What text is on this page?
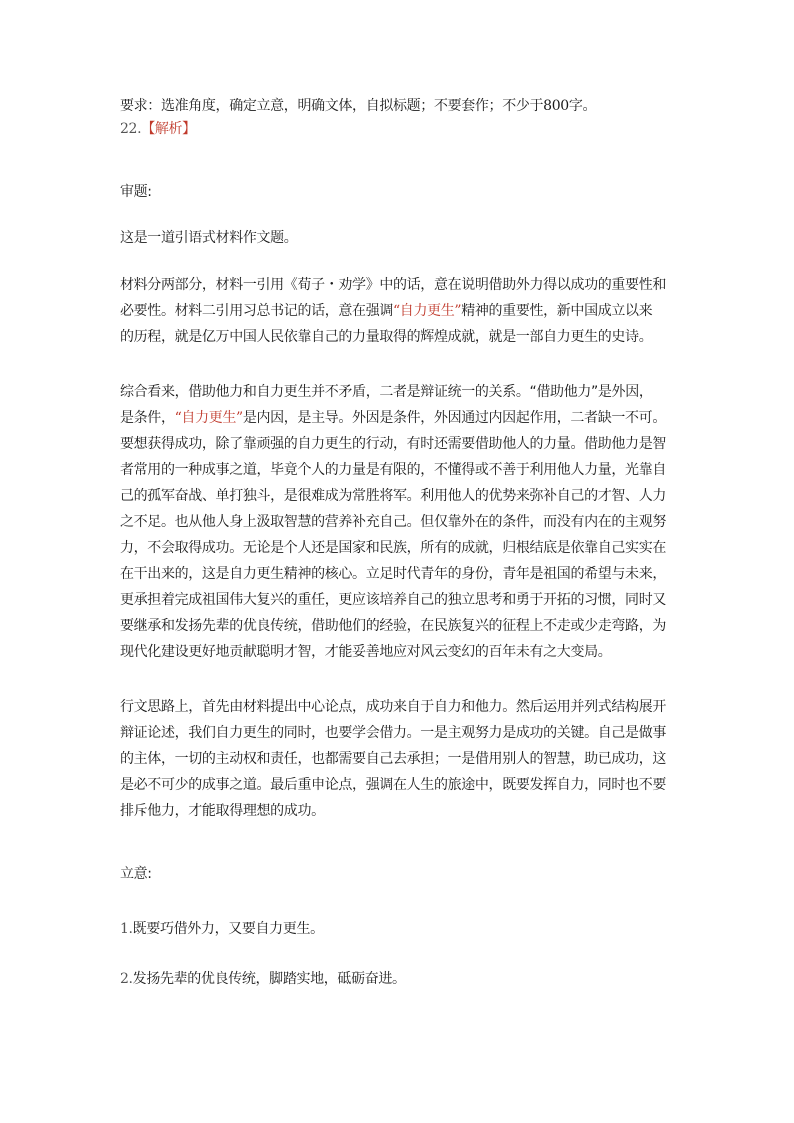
要求：选准角度，确定立意，明确文体，自拟标题；不要套作；不少于800字。
22.【解析】
审题:
这是一道引语式材料作文题。
材料分两部分，材料一引用《荀子・劝学》中的话，意在说明借助外力得以成功的重要性和
必要性。材料二引用习总书记的话，意在强调“自力更生”精神的重要性，新中国成立以来
的历程，就是亿万中国人民依靠自己的力量取得的辉煌成就，就是一部自力更生的史诗。
综合看来，借助他力和自力更生并不矛盾，二者是辩证统一的关系。“借助他力”是外因，
是条件，“自力更生”是内因，是主导。外因是条件，外因通过内因起作用，二者缺一不可。
要想获得成功，除了靠顽强的自力更生的行动，有时还需要借助他人的力量。借助他力是智
者常用的一种成事之道，毕竟个人的力量是有限的，不懂得或不善于利用他人力量，光靠自
己的孤军奋战、单打独斗，是很难成为常胜将军。利用他人的优势来弥补自己的才智、人力
之不足。也从他人身上汲取智慧的营养补充自己。但仅靠外在的条件，而没有内在的主观努
力，不会取得成功。无论是个人还是国家和民族，所有的成就，归根结底是依靠自己实实在
在干出来的，这是自力更生精神的核心。立足时代青年的身份，青年是祖国的希望与未来，
更承担着完成祖国伟大复兴的重任，更应该培养自己的独立思考和勇于开拓的习惯，同时又
要继承和发扬先辈的优良传统，借助他们的经验，在民族复兴的征程上不走或少走弯路，为
现代化建设更好地贡献聪明才智，才能妥善地应对风云变幻的百年未有之大变局。
行文思路上，首先由材料提出中心论点，成功来自于自力和他力。然后运用并列式结构展开
辩证论述，我们自力更生的同时，也要学会借力。一是主观努力是成功的关键。自己是做事
的主体，一切的主动权和责任，也都需要自己去承担；一是借用别人的智慧，助已成功，这
是必不可少的成事之道。最后重申论点，强调在人生的旅途中，既要发挥自力，同时也不要
排斥他力，才能取得理想的成功。
立意:
1.既要巧借外力，又要自力更生。
2.发扬先辈的优良传统，脚踏实地，砥砺奋进。
